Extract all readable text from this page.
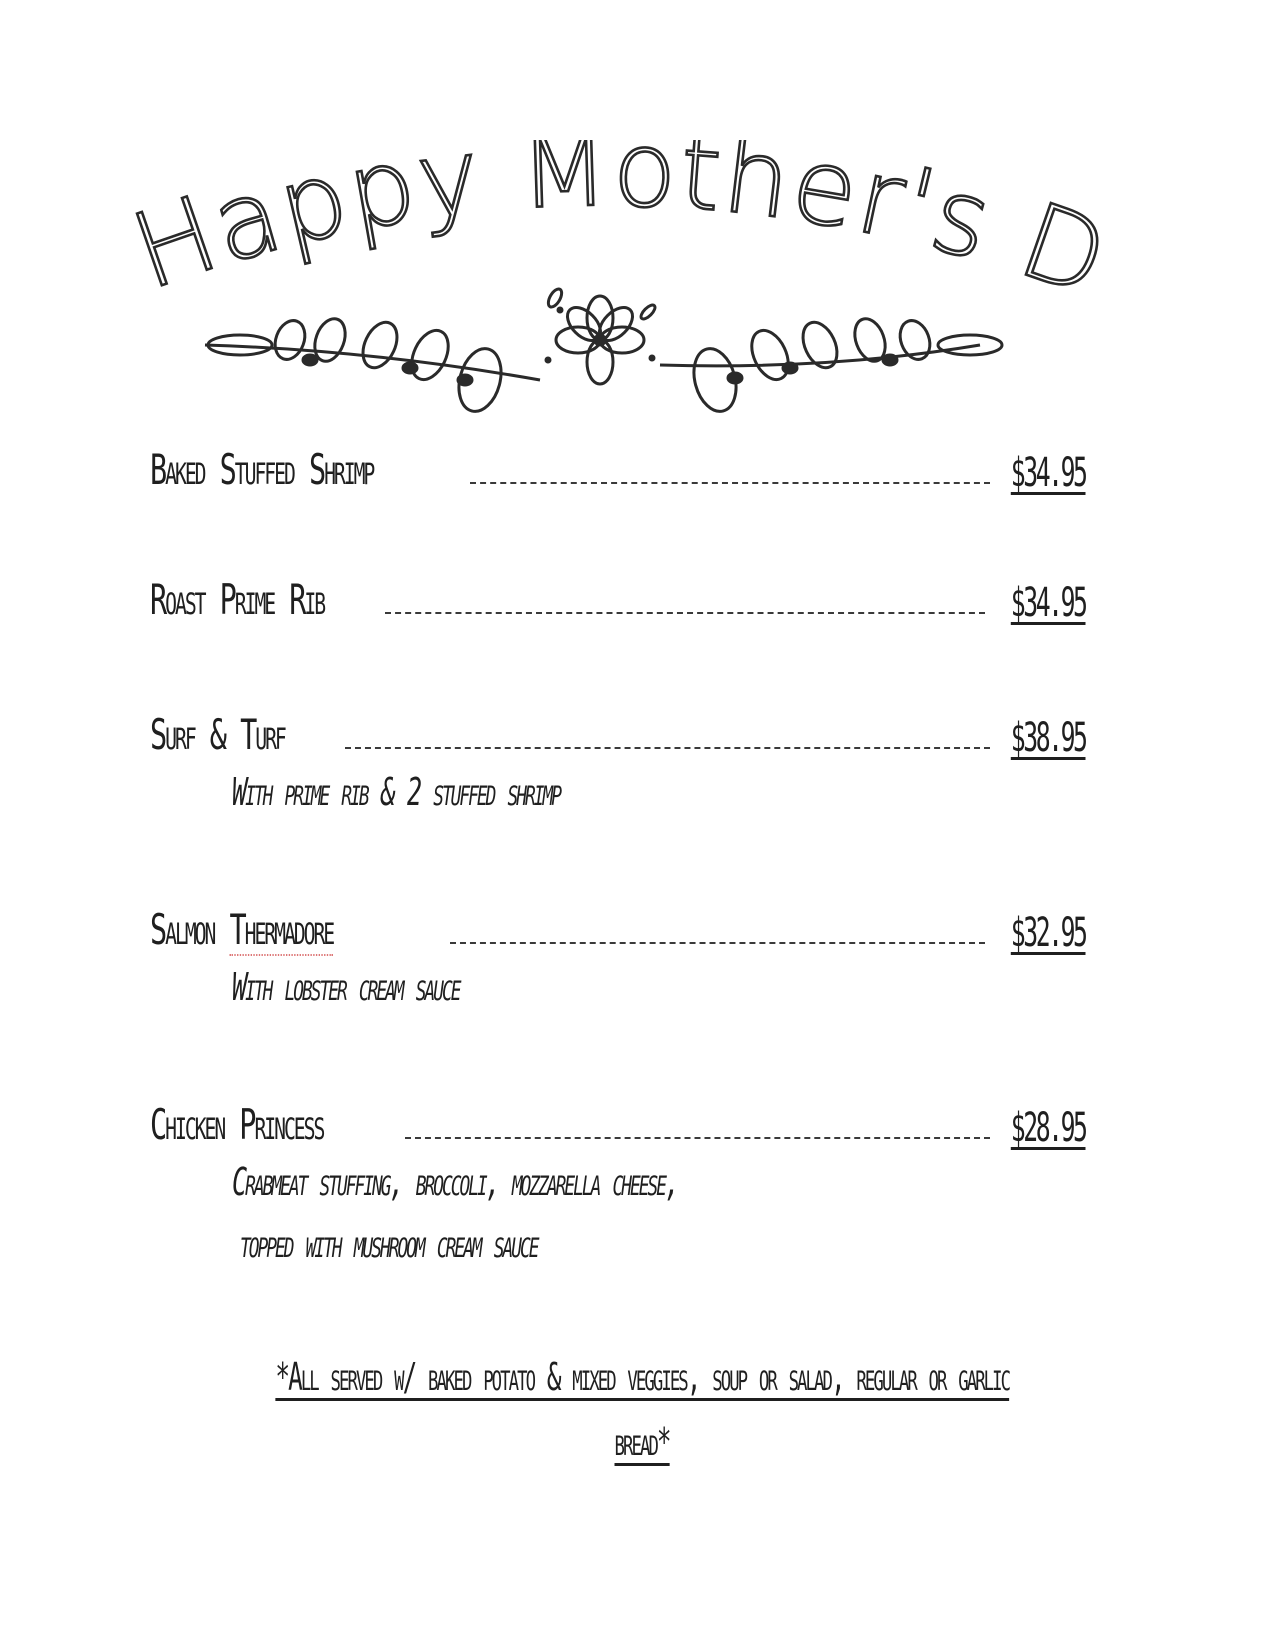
appy Mother's D
Baked Stuffed Shrimp	$34.95
Roast Prime Rib	$34.95
Surf & Turf	$38.95
With prime rib & 2 stuffed shrimp
Salmon Thermadore	$32.95
With lobster cream sauce
Chicken Princess	$28.95
Crabmeat stuffing, broccoli, mozzarella cheese,
topped with mushroom cream sauce
*All served w/ baked potato & mixed veggies, soup or salad, regular or garlic
bread*
